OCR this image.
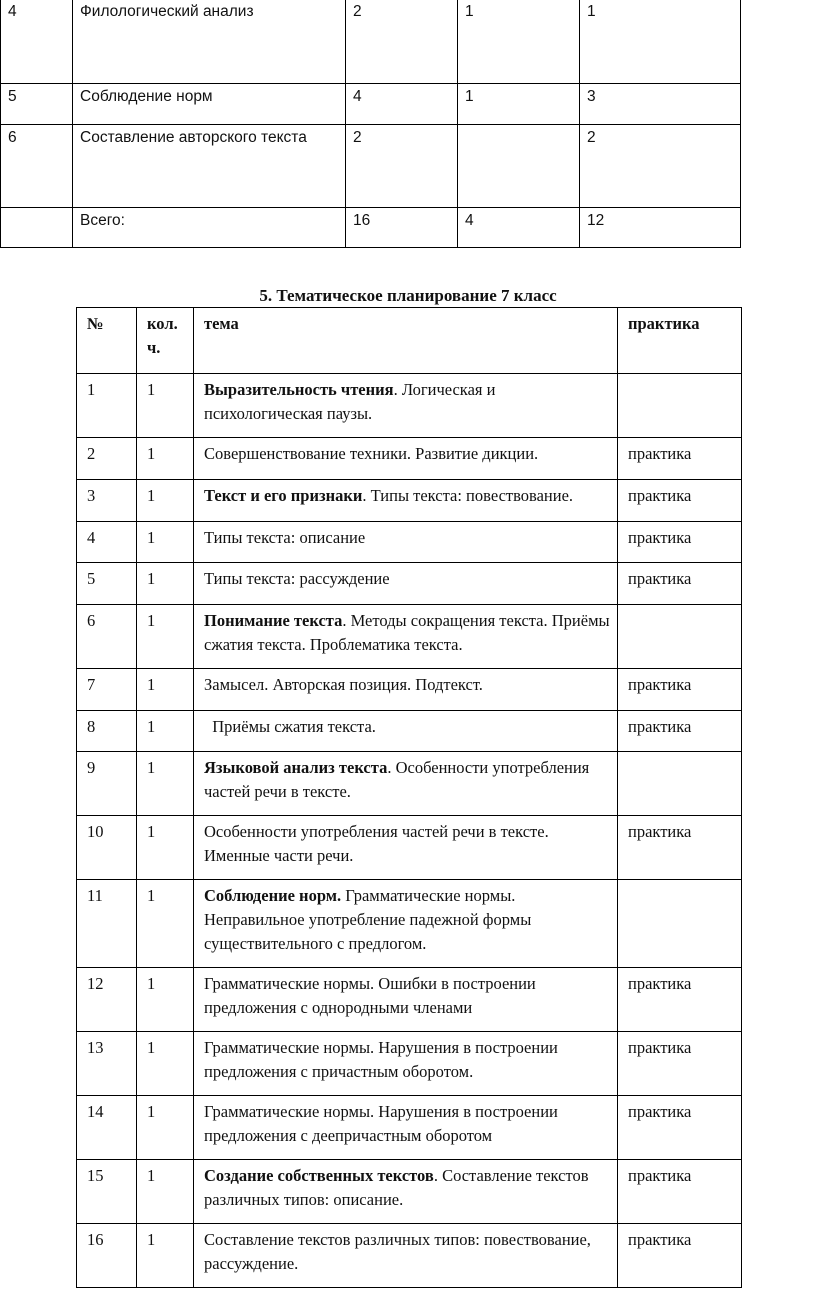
4	Филологический анализ	2	1	1
5	Соблюдение норм	4	1	3
6	Составление авторского текста	2		2
	Всего:	16	4	12
5. Тематическое планирование 7 класс
№	кол. ч.	тема	практика
1	1	Выразительность чтения. Логическая и психологическая паузы.	
2	1	Совершенствование техники. Развитие дикции.	практика
3	1	Текст и его признаки. Типы текста: повествование.	практика
4	1	Типы текста: описание	практика
5	1	Типы текста: рассуждение	практика
6	1	Понимание текста. Методы сокращения текста. Приёмы сжатия текста. Проблематика текста.	
7	1	Замысел. Авторская позиция. Подтекст.	практика
8	1	Приёмы сжатия текста.	практика
9	1	Языковой анализ текста. Особенности употребления частей речи в тексте.	
10	1	Особенности употребления частей речи в тексте. Именные части речи.	практика
11	1	Соблюдение норм. Грамматические нормы. Неправильное употребление падежной формы существительного с предлогом.	
12	1	Грамматические нормы. Ошибки в построении предложения с однородными членами	практика
13	1	Грамматические нормы. Нарушения в построении предложения с причастным оборотом.	практика
14	1	Грамматические нормы. Нарушения в построении предложения с деепричастным оборотом	практика
15	1	Создание собственных текстов. Составление текстов различных типов: описание.	практика
16	1	Составление текстов различных типов: повествование, рассуждение.	практика
